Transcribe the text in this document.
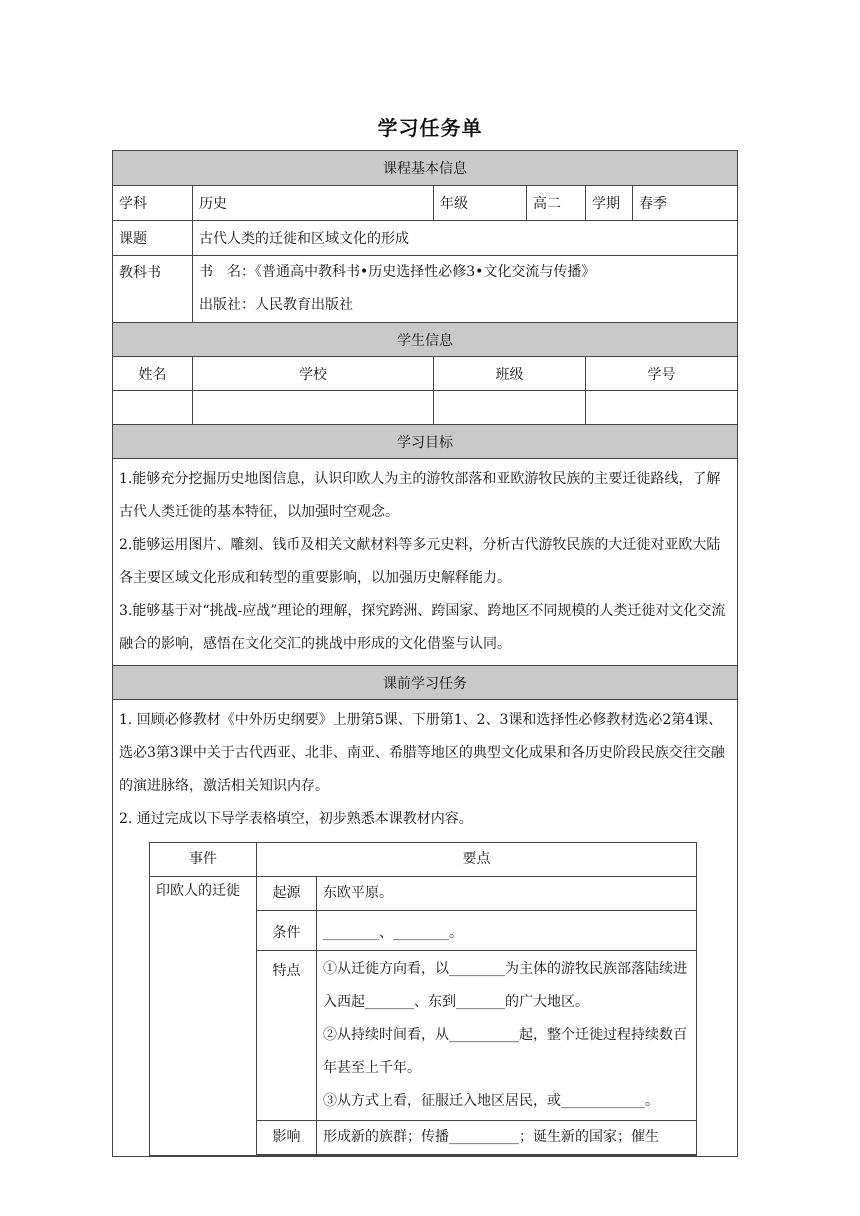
学习任务单
课程基本信息
学科	历史	年级	高二	学期	春季
课题	古代人类的迁徙和区域文化的形成
教科书	书　名：《普通高中教科书•历史选择性必修3•文化交流与传播》
出版社：人民教育出版社

学生信息
姓名	学校	班级	学号

学习目标

1.能够充分挖掘历史地图信息，认识印欧人为主的游牧部落和亚欧游牧民族的主要迁徙路线，了解古代人类迁徙的基本特征，以加强时空观念。
2.能够运用图片、雕刻、钱币及相关文献材料等多元史料，分析古代游牧民族的大迁徙对亚欧大陆各主要区域文化形成和转型的重要影响，以加强历史解释能力。
3.能够基于对“挑战-应战”理论的理解，探究跨洲、跨国家、跨地区不同规模的人类迁徙对文化交流融合的影响，感悟在文化交汇的挑战中形成的文化借鉴与认同。

课前学习任务

1. 回顾必修教材《中外历史纲要》上册第5课、下册第1、2、3课和选择性必修教材选必2第4课、选必3第3课中关于古代西亚、北非、南亚、希腊等地区的典型文化成果和各历史阶段民族交往交融的演进脉络，激活相关知识内存。
2. 通过完成以下导学表格填空，初步熟悉本课教材内容。
事件	要点
印欧人的迁徙	起源	东欧平原。
条件	________、________。
特点	①从迁徙方向看，以________为主体的游牧民族部落陆续进入西起_______、东到_______的广大地区。
②从持续时间看，从__________起，整个迁徙过程持续数百年甚至上千年。
③从方式上看，征服迁入地区居民，或____________。

影响	形成新的族群；传播__________；诞生新的国家；催生
